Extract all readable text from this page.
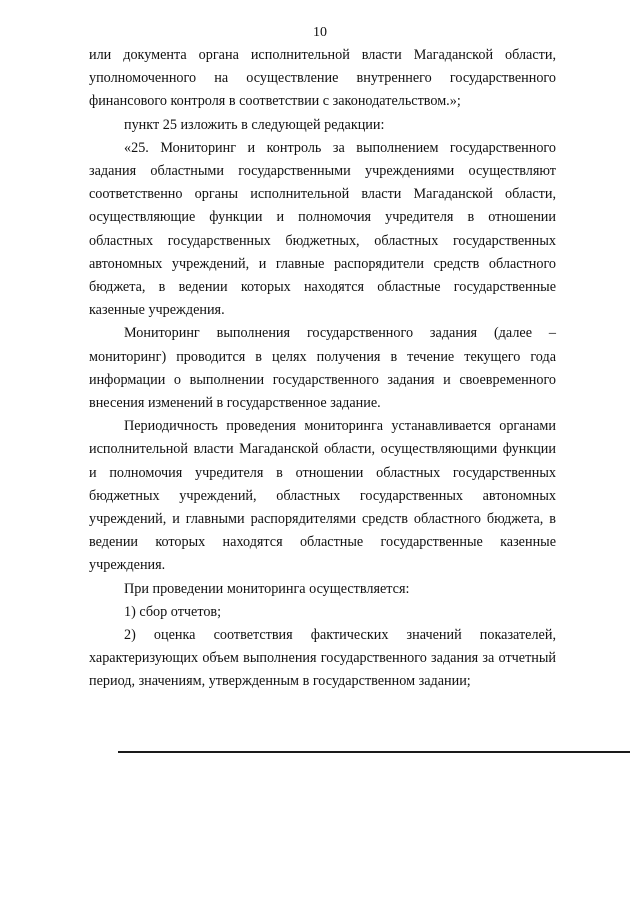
10

или документа органа исполнительной власти Магаданской области, уполномоченного на осуществление внутреннего государственного финансового контроля в соответствии с законодательством.»;

пункт 25 изложить в следующей редакции:

«25. Мониторинг и контроль за выполнением государственного задания областными государственными учреждениями осуществляют соответственно органы исполнительной власти Магаданской области, осуществляющие функции и полномочия учредителя в отношении областных государственных бюджетных, областных государственных автономных учреждений, и главные распорядители средств областного бюджета, в ведении которых находятся областные государственные казенные учреждения.

Мониторинг выполнения государственного задания (далее – мониторинг) проводится в целях получения в течение текущего года информации о выполнении государственного задания и своевременного внесения изменений в государственное задание.

Периодичность проведения мониторинга устанавливается органами исполнительной власти Магаданской области, осуществляющими функции и полномочия учредителя в отношении областных государственных бюджетных учреждений, областных государственных автономных учреждений, и главными распорядителями средств областного бюджета, в ведении которых находятся областные государственные казенные учреждения.

При проведении мониторинга осуществляется:

1) сбор отчетов;

2) оценка соответствия фактических значений показателей, характеризующих объем выполнения государственного задания за отчетный период, значениям, утвержденным в государственном задании;
